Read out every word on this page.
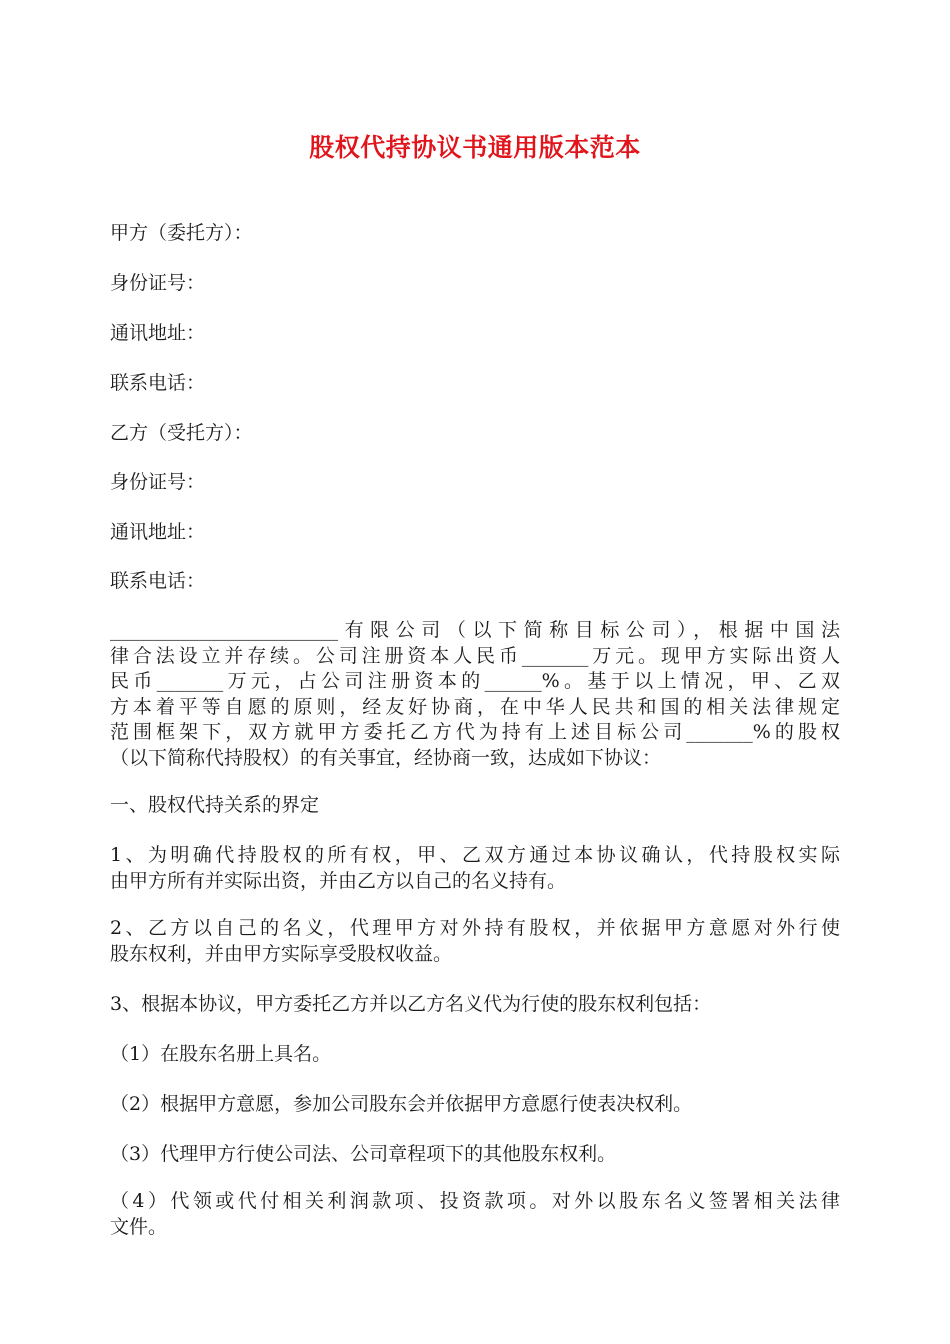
股权代持协议书通用版本范本

甲方（委托方）：

身份证号：

通讯地址：

联系电话：

乙方（受托方）：

身份证号：

通讯地址：

联系电话：

________________________有限公司（以下简称目标公司），根据中国法
律合法设立并存续。公司注册资本人民币_______万元。现甲方实际出资人
民币_______万元，占公司注册资本的______%。基于以上情况，甲、乙双
方本着平等自愿的原则，经友好协商，在中华人民共和国的相关法律规定
范围框架下，双方就甲方委托乙方代为持有上述目标公司_______%的股权
（以下简称代持股权）的有关事宜，经协商一致，达成如下协议：

一、股权代持关系的界定

1、为明确代持股权的所有权，甲、乙双方通过本协议确认，代持股权实际
由甲方所有并实际出资，并由乙方以自己的名义持有。
2、乙方以自己的名义，代理甲方对外持有股权，并依据甲方意愿对外行使
股东权利，并由甲方实际享受股权收益。

3、根据本协议，甲方委托乙方并以乙方名义代为行使的股东权利包括：

（1）在股东名册上具名。

（2）根据甲方意愿，参加公司股东会并依据甲方意愿行使表决权利。

（3）代理甲方行使公司法、公司章程项下的其他股东权利。

（4）代领或代付相关利润款项、投资款项。对外以股东名义签署相关法律
文件。
